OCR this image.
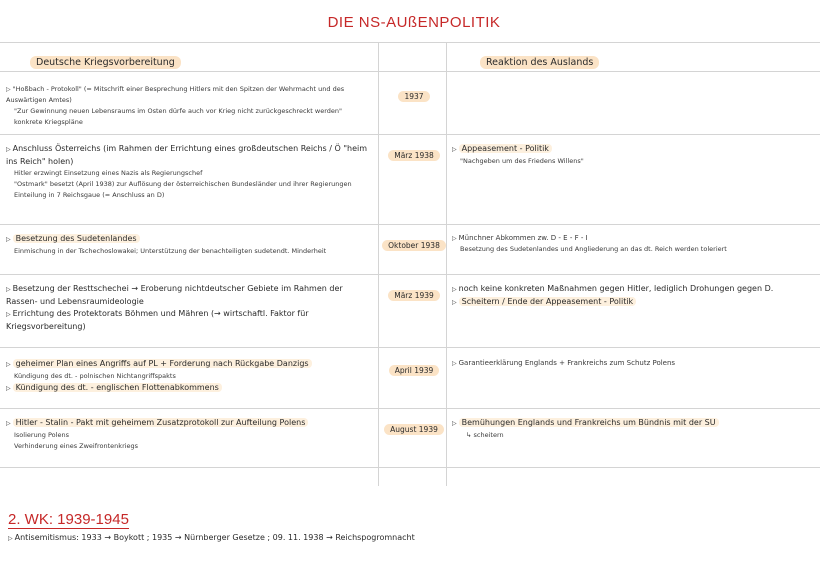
DIE NS-AUßENPOLITIK
Deutsche Kriegsvorbereitung	Reaktion des Auslands
▷ "Hoßbach - Protokoll" (= Mitschrift einer Besprechung Hitlers mit den Spitzen der Wehrmacht und des Auswärtigen Amtes)
"Zur Gewinnung neuen Lebensraums im Osten dürfe auch vor Krieg nicht zurückgeschreckt werden"
konkrete Kriegspläne
1937
▷ Anschluss Österreichs (im Rahmen der Errichtung eines großdeutschen Reichs / Ö "heim ins Reich" holen)
Hitler erzwingt Einsetzung eines Nazis als Regierungschef
"Ostmark" besetzt (April 1938) zur Auflösung der österreichischen Bundesländer und ihrer Regierungen
Einteilung in 7 Reichsgaue (= Anschluss an D)
März 1938
▷ Appeasement - Politik
"Nachgeben um des Friedens Willens"
▷ Besetzung des Sudetenlandes
Einmischung in der Tschechoslowakei; Unterstützung der benachteiligten sudetendt. Minderheit
Oktober 1938
▷ Münchner Abkommen zw. D - E - F - I
Besetzung des Sudetenlandes und Angliederung an das dt. Reich werden toleriert
▷ Besetzung der Resttschechei → Eroberung nichtdeutscher Gebiete im Rahmen der Rassen- und Lebensraumideologie
▷ Errichtung des Protektorats Böhmen und Mähren (→ wirtschaftl. Faktor für Kriegsvorbereitung)
März 1939
▷ noch keine konkreten Maßnahmen gegen Hitler, lediglich Drohungen gegen D.
▷ Scheitern / Ende der Appeasement - Politik
▷ geheimer Plan eines Angriffs auf PL + Forderung nach Rückgabe Danzigs
Kündigung des dt. - polnischen Nichtangriffspakts
▷ Kündigung des dt. - englischen Flottenabkommens
April 1939
▷ Garantieerklärung Englands + Frankreichs zum Schutz Polens
▷ Hitler - Stalin - Pakt mit geheimem Zusatzprotokoll zur Aufteilung Polens
Isolierung Polens
Verhinderung eines Zweifrontenkriegs
August 1939
▷ Bemühungen Englands und Frankreichs um Bündnis mit der SU
↳ scheitern
2. WK: 1939-1945
▷ Antisemitismus: 1933 → Boykott ; 1935 → Nürnberger Gesetze ; 09. 11. 1938 → Reichspogromnacht
